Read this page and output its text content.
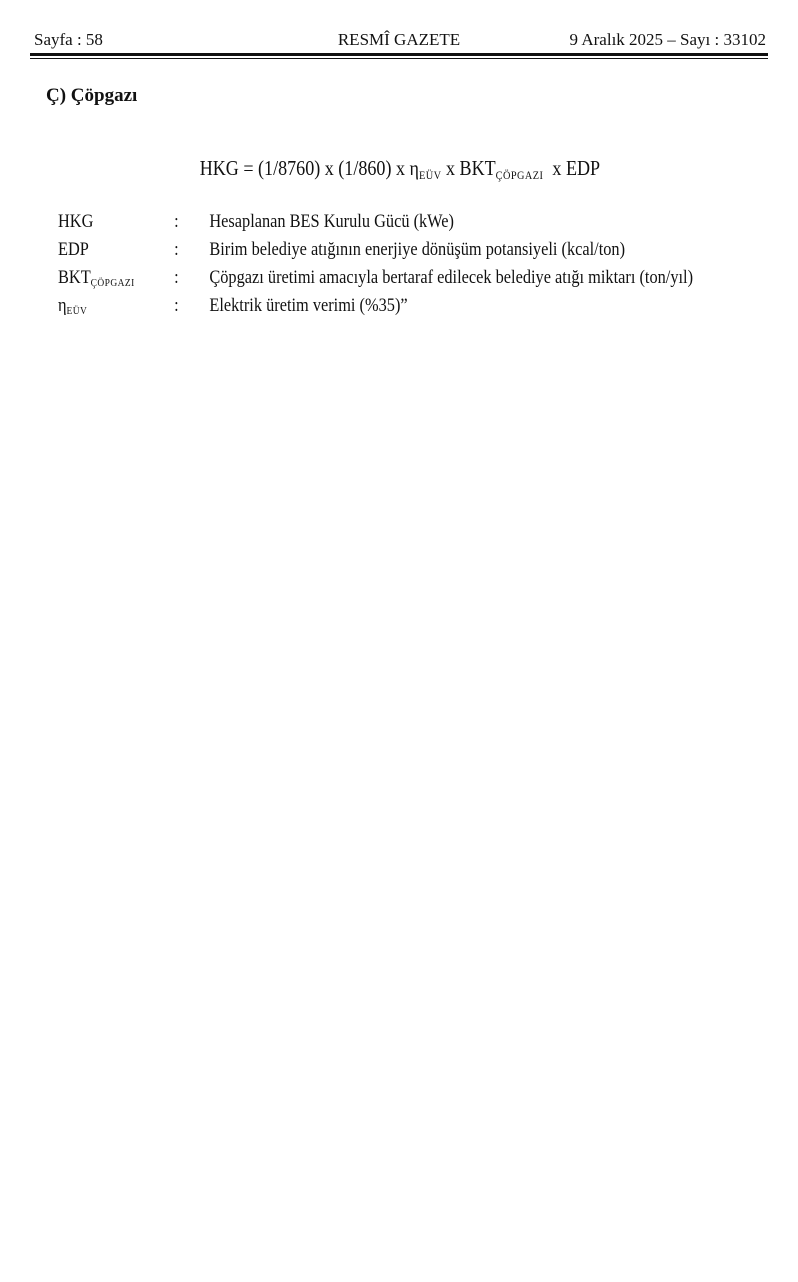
Sayfa : 58	RESMÎ GAZETE	9 Aralık 2025 – Sayı : 33102
Ç) Çöpgazı
HKG = (1/8760) x (1/860) x $\eta_{EÜV}$ x $BKT_{ÇÖPGAZI}$  x EDP
HKG	: Hesaplanan BES Kurulu Gücü (kWe)
EDP	: Birim belediye atığının enerjiye dönüşüm potansiyeli (kcal/ton)
$BKT_{ÇÖPGAZI}$ : Çöpgazı üretimi amacıyla bertaraf edilecek belediye atığı miktarı (ton/yıl)
$\eta_{EÜV}$	: Elektrik üretim verimi (%35)”
